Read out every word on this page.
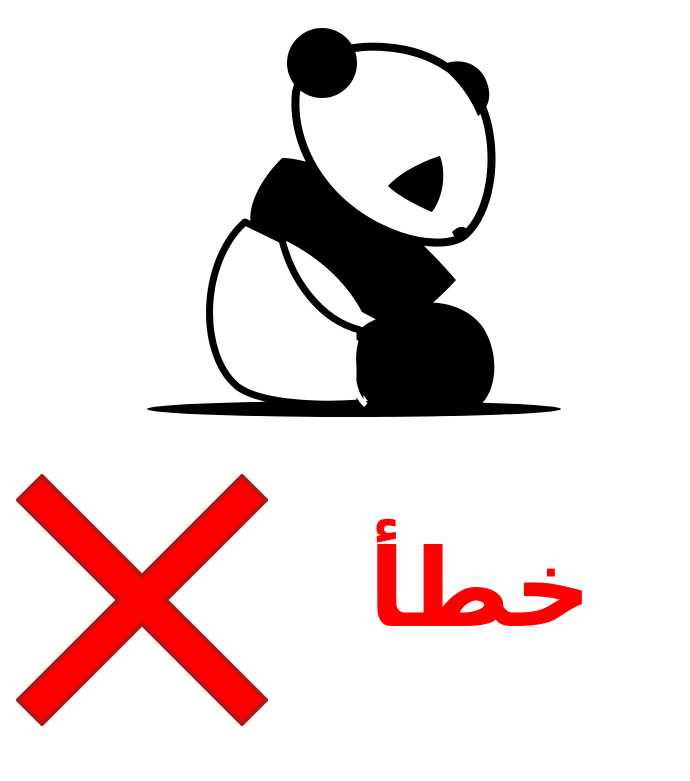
خطأ
